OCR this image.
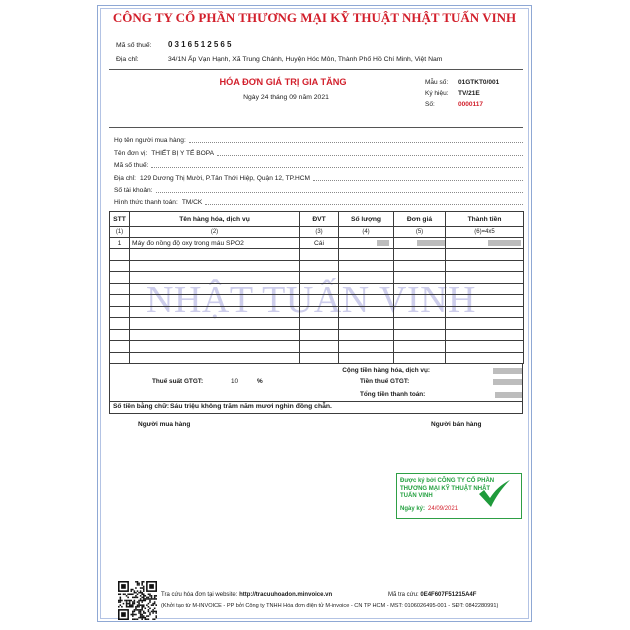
CÔNG TY CỔ PHẦN THƯƠNG MẠI KỸ THUẬT NHẬT TUẤN VINH
Mã số thuế:	0316512565
Địa chỉ:	34/1N Ấp Vạn Hạnh, Xã Trung Chánh, Huyện Hóc Môn, Thành Phố Hồ Chí Minh, Việt Nam
HÓA ĐƠN GIÁ TRỊ GIA TĂNG
Ngày 24 tháng 09 năm 2021
Mẫu số:	01GTKT0/001
Ký hiệu:	TV/21E
Số:	0000117
Họ tên người mua hàng:
Tên đơn vị: THIẾT BỊ Y TẾ BOPA
Mã số thuế:
Địa chỉ: 129 Dương Thị Mười, P.Tân Thới Hiệp, Quận 12, TP.HCM
Số tài khoản:
Hình thức thanh toán: TM/CK
NHẬT TUẤN VINH
STT	Tên hàng hóa, dịch vụ	ĐVT	Số lượng	Đơn giá	Thành tiền
(1)	(2)	(3)	(4)	(5)	(6)=4x5
1	Máy đo nồng độ oxy trong máu SPO2	Cái			

Cộng tiền hàng hóa, dịch vụ:
Thuế suất GTGT:	10	%	Tiền thuế GTGT:
Tổng tiền thanh toán:
Số tiền bằng chữ: Sáu triệu không trăm năm mươi nghìn đồng chẵn.
Người mua hàng	Người bán hàng
Được ký bởi CÔNG TY CỔ PHẦN THƯƠNG MẠI KỸ THUẬT NHẬT TUẤN VINH
Ngày ký: 24/09/2021
Tra cứu hóa đơn tại website: http://tracuuhoadon.minvoice.vn	Mã tra cứu: 0E4F607F51215A4F
(Khởi tạo từ M-INVOICE - PP bởi Công ty TNHH Hóa đơn điện tử M-invoice - CN TP HCM - MST: 0106026495-001 - SĐT: 0842280991)
